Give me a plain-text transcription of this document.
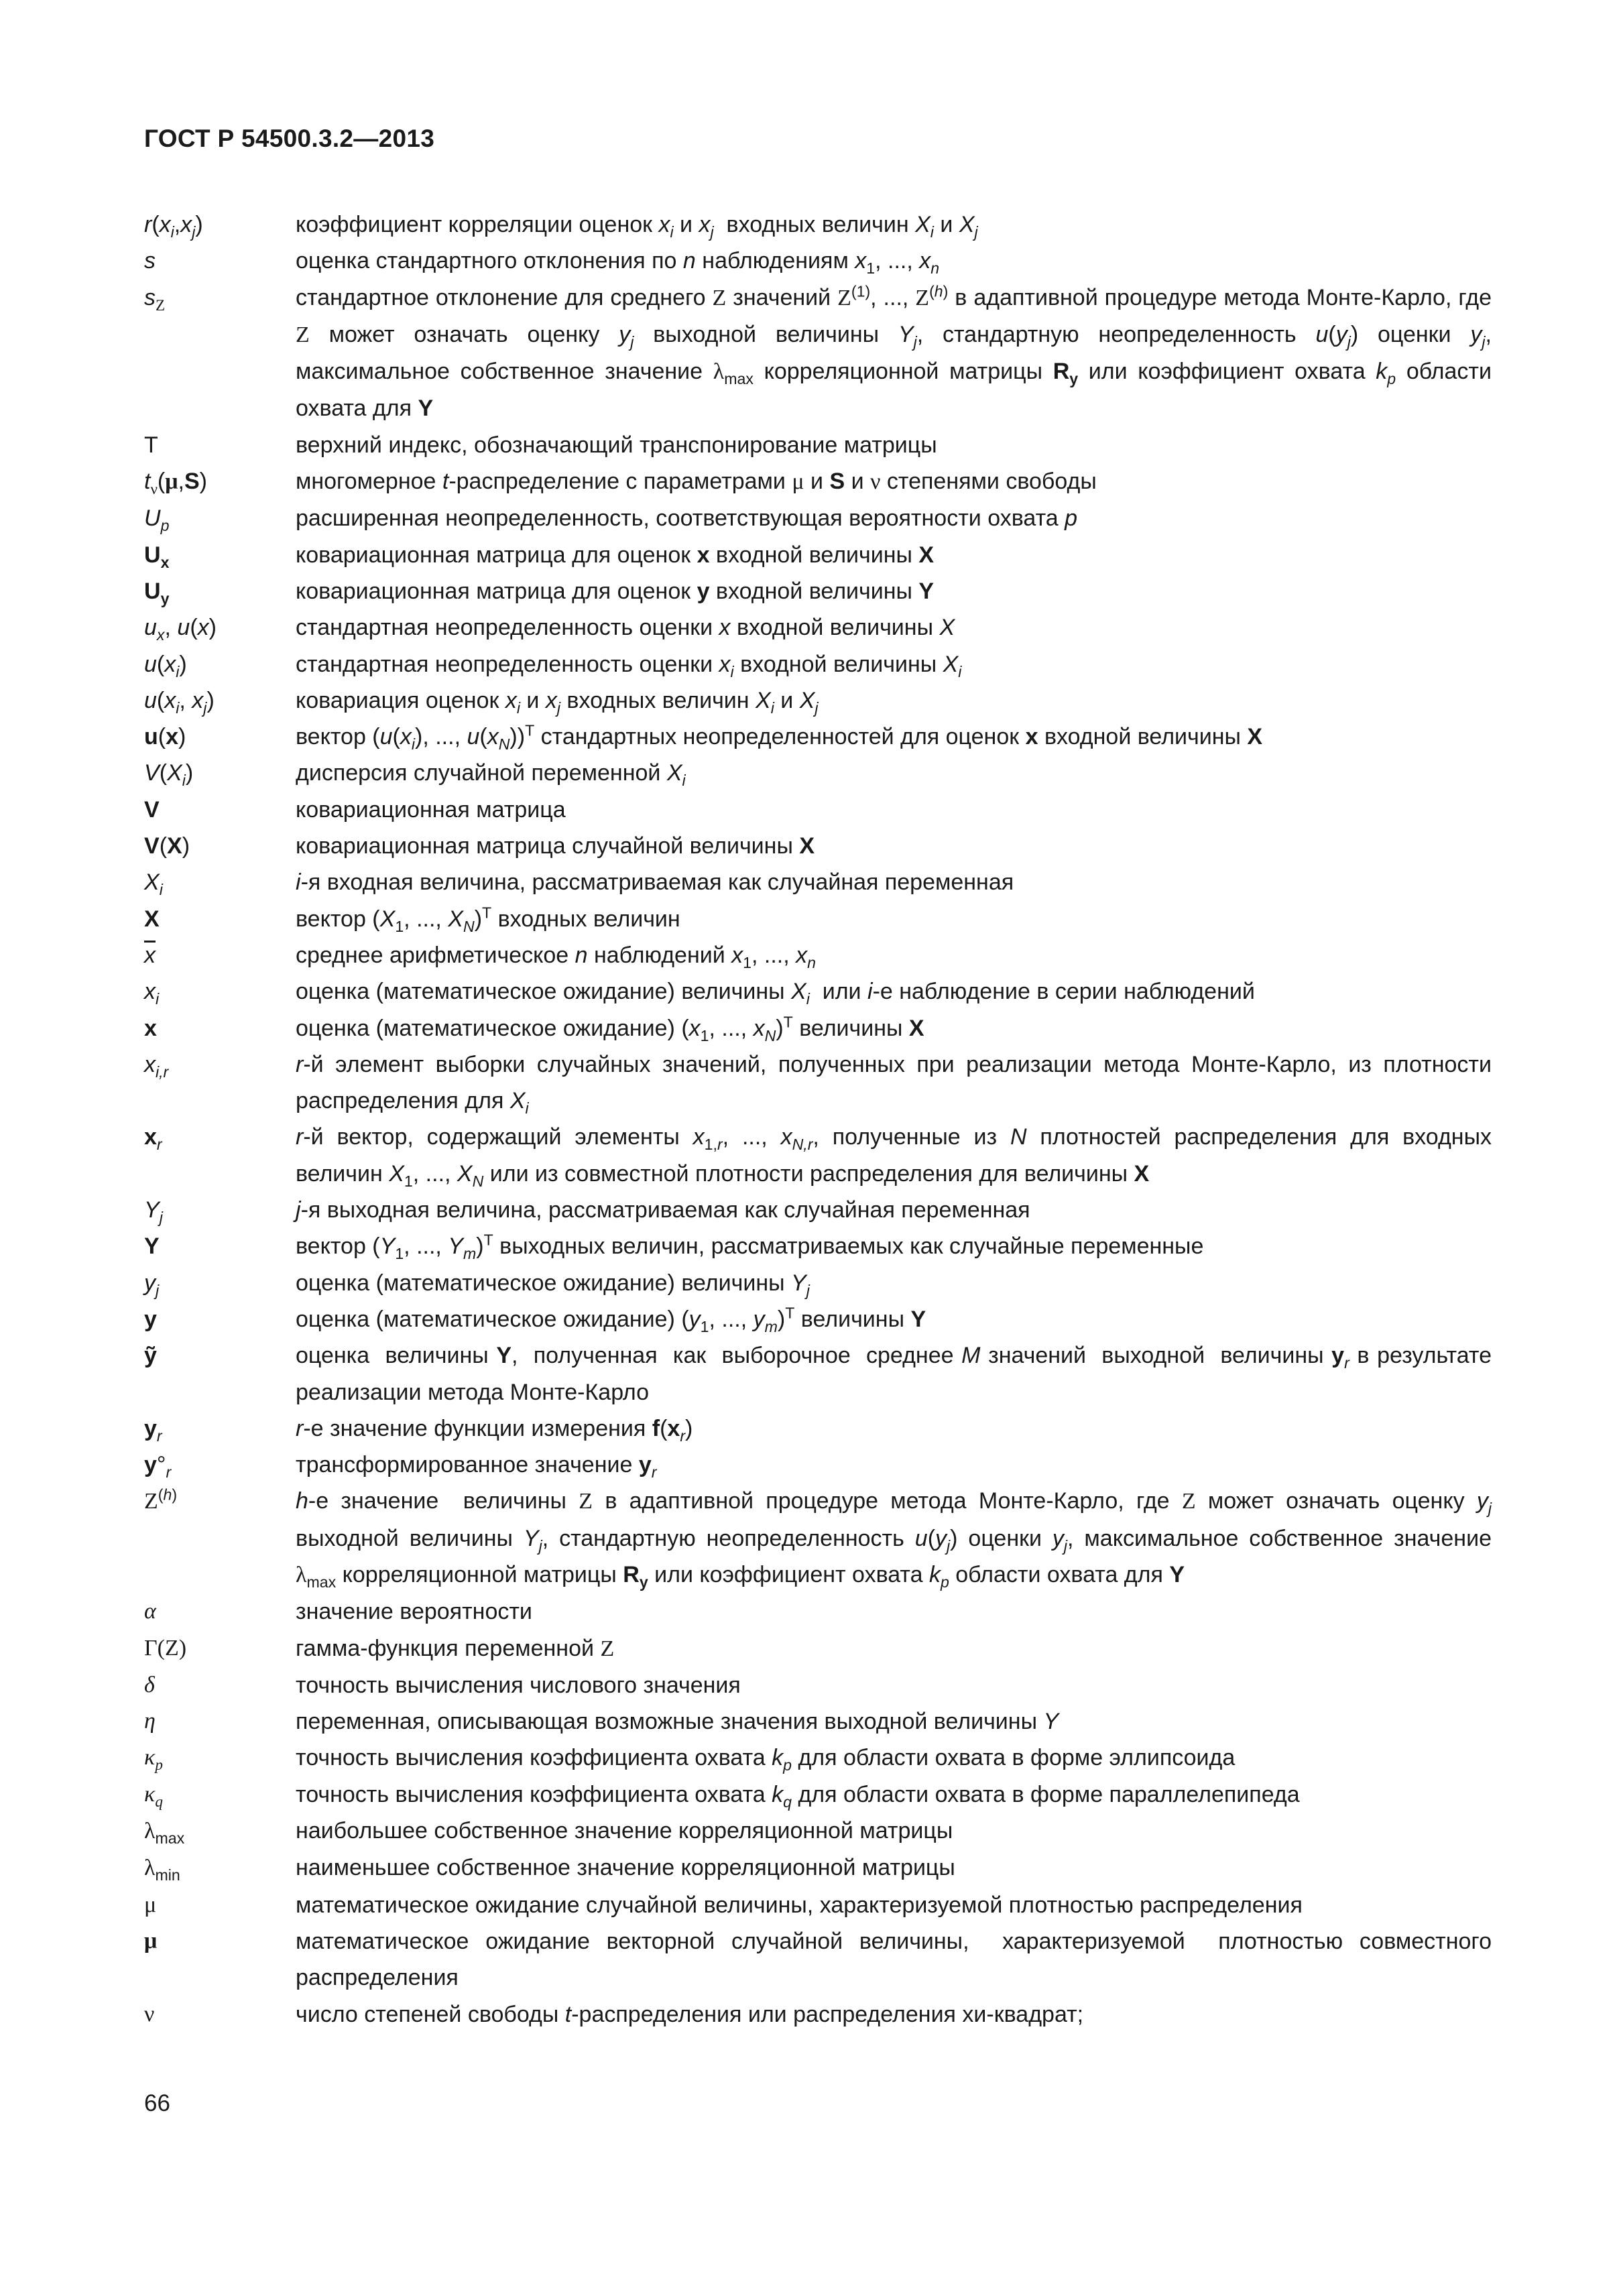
ГОСТ Р 54500.3.2—2013
$r(x_i,x_j)$	коэффициент корреляции оценок $x_i$ и $x_j$  входных величин $X_i$ и $X_j$
s	оценка стандартного отклонения по n наблюдениям $x_1$, ..., $x_n$
$s_Z$	стандартное отклонение для среднего Z значений $Z^{(1)}$, ..., $Z^{(h)}$ в адаптивной процедуре метода Монте-Карло, где Z может означать оценку $y_j$ выходной величины $Y_j$, стандартную неопределенность $u(y_j)$ оценки $y_j$, максимальное собственное значение $\lambda_{max}$ корреляционной матрицы $R_y$ или коэффициент охвата $k_p$ области охвата для Y
T	верхний индекс, обозначающий транспонирование матрицы
$t_\nu(\mu,S)$	многомерное t-распределение с параметрами μ и S и ν степенями свободы
$U_p$	расширенная неопределенность, соответствующая вероятности охвата p
$U_x$	ковариационная матрица для оценок x входной величины X
$U_y$	ковариационная матрица для оценок y входной величины Y
$u_x$, u(x)	стандартная неопределенность оценки x входной величины X
$u(x_i)$	стандартная неопределенность оценки $x_i$ входной величины $X_i$
$u(x_i$, $x_j$)	ковариация оценок $x_i$ и $x_j$ входных величин $X_i$ и $X_j$
u(x)	вектор ($u(x_i)$, ..., $u(x_N))^T$ стандартных неопределенностей для оценок x входной величины X
$V(X_i)$	дисперсия случайной переменной $X_i$
V	ковариационная матрица
V(X)	ковариационная матрица случайной величины X
$X_i$	i-я входная величина, рассматриваемая как случайная переменная
X	вектор ($X_1$, ..., $X_N)^T$ входных величин
$\overline{x}$	среднее арифметическое n наблюдений $x_1$, ..., $x_n$
$x_i$	оценка (математическое ожидание) величины $X_i$  или i-е наблюдение в серии наблюдений
x	оценка (математическое ожидание) ($x_1$, ..., $x_N)^T$ величины X
$x_{i,r}$	r-й элемент выборки случайных значений, полученных при реализации метода Монте-Карло, из плотности распределения для $X_i$
$x_r$	r-й вектор, содержащий элементы $x_{1,r}$, ..., $x_{N,r}$, полученные из N плотностей распределения для входных величин $X_1$, ..., $X_N$ или из совместной плотности распределения для величины X
$Y_j$	j-я выходная величина, рассматриваемая как случайная переменная
Y	вектор ($Y_1$, ..., $Y_m)^T$ выходных величин, рассматриваемых как случайные переменные
$y_j$	оценка (математическое ожидание) величины $Y_j$
y	оценка (математическое ожидание) ($y_1$, ..., $y_m)^T$ величины Y
ỹ	оценка  величины Y,  полученная  как  выборочное  среднее M значений  выходной  величины $y_r$ в результате реализации метода Монте-Карло
$y_r$	r-е значение функции измерения $f(x_r)$
$y^\circ_r$	трансформированное значение $y_r$
$Z^{(h)}$	h-е значение  величины Z в адаптивной процедуре метода Монте-Карло, где Z может означать оценку $y_j$ выходной величины $Y_j$, стандартную неопределенность $u(y_j)$ оценки $y_j$, максимальное собственное значение $\lambda_{max}$ корреляционной матрицы $R_y$ или коэффициент охвата $k_p$ области охвата для Y
α	значение вероятности
Γ(Z)	гамма-функция переменной Z
δ	точность вычисления числового значения
η	переменная, описывающая возможные значения выходной величины Y
$\kappa_p$	точность вычисления коэффициента охвата $k_p$ для области охвата в форме эллипсоида
$\kappa_q$	точность вычисления коэффициента охвата $k_q$ для области охвата в форме параллелепипеда
$\lambda_{max}$	наибольшее собственное значение корреляционной матрицы
$\lambda_{min}$	наименьшее собственное значение корреляционной матрицы
μ	математическое ожидание случайной величины, характеризуемой плотностью распределения
μ	математическое ожидание векторной случайной величины,  характеризуемой  плотностью совместного распределения
ν	число степеней свободы t-распределения или распределения хи-квадрат;
66
